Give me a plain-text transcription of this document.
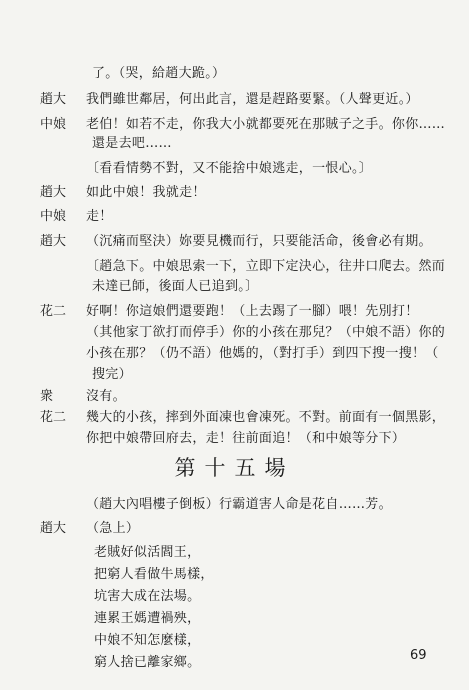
了。（哭，給趙大跪。）
趙大 我們雖世鄰居，何出此言，還是趕路要緊。（人聲更近。）
中娘 老伯！如若不走，你我大小就都要死在那賊子之手。你你……
還是去吧……
〔看看情勢不對，又不能捨中娘逃走，一恨心。〕
趙大 如此中娘！我就走！
中娘 走！
趙大 （沉痛而堅決）妳要見機而行，只要能活命，後會必有期。
〔趙急下。中娘思索一下，立即下定決心，往井口爬去。然而
未達已師，後面人已追到。〕
花二 好啊！你這娘們還要跑！（上去踢了一腳）喂！先別打！
（其他家丁欲打而停手）你的小孩在那兒？（中娘不語）你的
小孩在那？（仍不語）他媽的，（對打手）到四下搜一搜！（
搜完）
衆	沒有。
花二 幾大的小孩，摔到外面凍也會凍死。不對。前面有一個黑影，
你把中娘帶回府去，走！往前面追！（和中娘等分下）
第十五場
（趙大內唱樓子倒板）行霸道害人命是花自……芳。
趙大 （急上）
老賊好似活閻王，
把窮人看做牛馬樣，
坑害大成在法場。
連累王媽遭禍殃，
中娘不知怎麼樣，
窮人捨已離家鄉。	69
